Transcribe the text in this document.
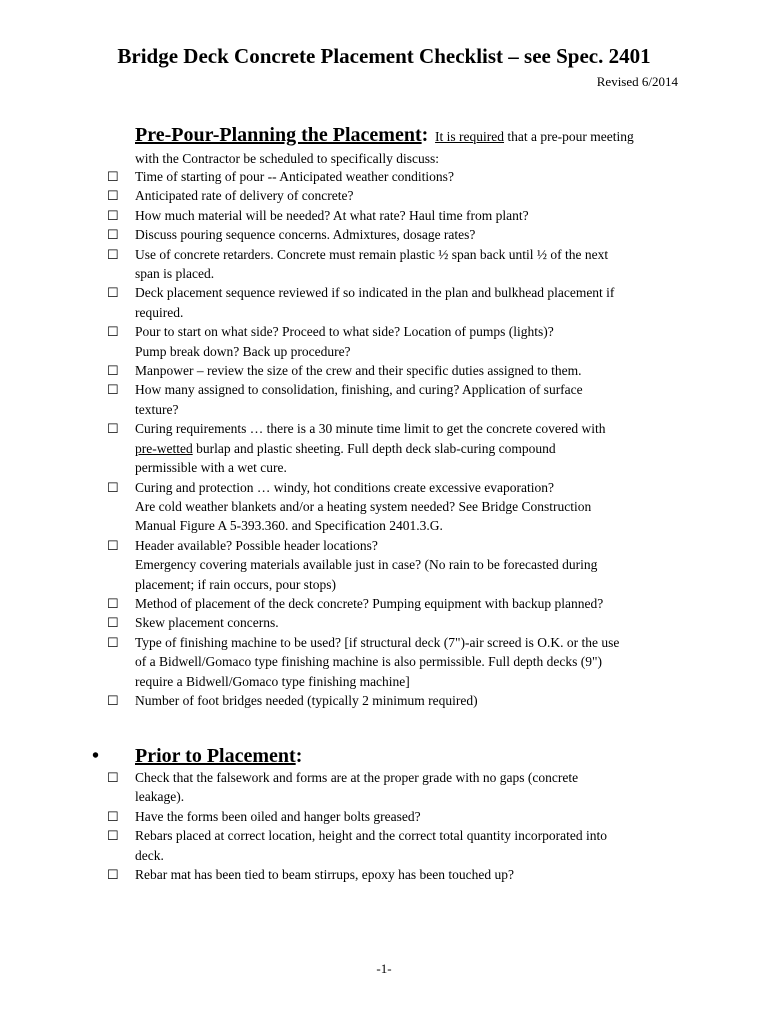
Bridge Deck Concrete Placement Checklist – see Spec. 2401
Revised 6/2014
Pre-Pour-Planning the Placement: It is required that a pre-pour meeting
with the Contractor be scheduled to specifically discuss:
☐	Time of starting of pour -- Anticipated weather conditions?
☐	Anticipated rate of delivery of concrete?
☐	How much material will be needed? At what rate? Haul time from plant?
☐	Discuss pouring sequence concerns. Admixtures, dosage rates?
☐	Use of concrete retarders. Concrete must remain plastic ½ span back until ½ of the next
span is placed.
☐	Deck placement sequence reviewed if so indicated in the plan and bulkhead placement if
required.
☐	Pour to start on what side? Proceed to what side? Location of pumps (lights)?
Pump break down? Back up procedure?
☐	Manpower – review the size of the crew and their specific duties assigned to them.
☐	How many assigned to consolidation, finishing, and curing? Application of surface
texture?
☐	Curing requirements … there is a 30 minute time limit to get the concrete covered with
pre-wetted burlap and plastic sheeting. Full depth deck slab-curing compound
permissible with a wet cure.
☐	Curing and protection … windy, hot conditions create excessive evaporation?
Are cold weather blankets and/or a heating system needed? See Bridge Construction
Manual Figure A 5-393.360. and Specification 2401.3.G.
☐	Header available? Possible header locations?
Emergency covering materials available just in case? (No rain to be forecasted during
placement; if rain occurs, pour stops)
☐	Method of placement of the deck concrete? Pumping equipment with backup planned?
☐	Skew placement concerns.
☐	Type of finishing machine to be used? [if structural deck (7")-air screed is O.K. or the use
of a Bidwell/Gomaco type finishing machine is also permissible. Full depth decks (9")
require a Bidwell/Gomaco type finishing machine]
☐	Number of foot bridges needed (typically 2 minimum required)
• Prior to Placement:
☐	Check that the falsework and forms are at the proper grade with no gaps (concrete
leakage).
☐	Have the forms been oiled and hanger bolts greased?
☐	Rebars placed at correct location, height and the correct total quantity incorporated into
deck.
☐	Rebar mat has been tied to beam stirrups, epoxy has been touched up?
-1-
